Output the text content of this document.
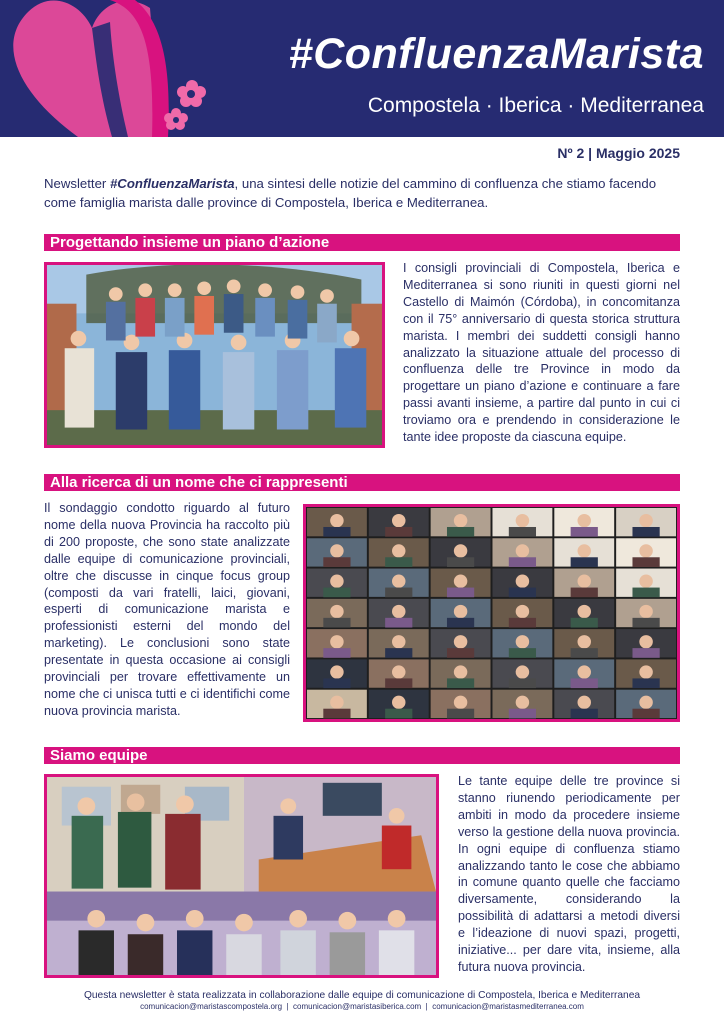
#ConfluenzaMarista
Compostela · Iberica · Mediterranea
Nº 2 | Maggio 2025
Newsletter #ConfluenzaMarista, una sintesi delle notizie del cammino di confluenza che stiamo facendo come famiglia marista dalle province di Compostela, Iberica e Mediterranea.
Progettando insieme un piano d’azione
I consigli provinciali di Compostela, Iberica e Mediterranea si sono riuniti in questi giorni nel Castello di Maimón (Córdoba), in concomitanza con il 75° anniversario di questa storica struttura marista. I membri dei suddetti consigli hanno analizzato la situazione attuale del processo di confluenza delle tre Province in modo da progettare un piano d’azione e continuare a fare passi avanti insieme, a partire dal punto in cui ci troviamo ora e prendendo in considerazione le tante idee proposte da ciascuna equipe.
Alla ricerca di un nome che ci rappresenti
Il sondaggio condotto riguardo al futuro nome della nuova Provincia ha raccolto più di 200 proposte, che sono state analizzate dalle equipe di comunicazione provinciali, oltre che discusse in cinque focus group (composti da vari fratelli, laici, giovani, esperti di comunicazione marista e professionisti esterni del mondo del marketing). Le conclusioni sono state presentate in questa occasione ai consigli provinciali per trovare effettivamente un nome che ci unisca tutti e ci identifichi come nuova provincia marista.
Siamo equipe
Le tante equipe delle tre province si stanno riunendo periodicamente per ambiti in modo da procedere insieme verso la gestione della nuova provincia. In ogni equipe di confluenza stiamo analizzando tanto le cose che abbiamo in comune quanto quelle che facciamo diversamente, considerando la possibilità di adattarsi a metodi diversi e l’ideazione di nuovi spazi, progetti, iniziative... per dare vita, insieme, alla futura nuova provincia.
Questa newsletter è stata realizzata in collaborazione dalle equipe di comunicazione di Compostela, Iberica e Mediterranea
comunicacion@maristascompostela.org | comunicacion@maristasiberica.com | comunicacion@maristasmediterranea.com
